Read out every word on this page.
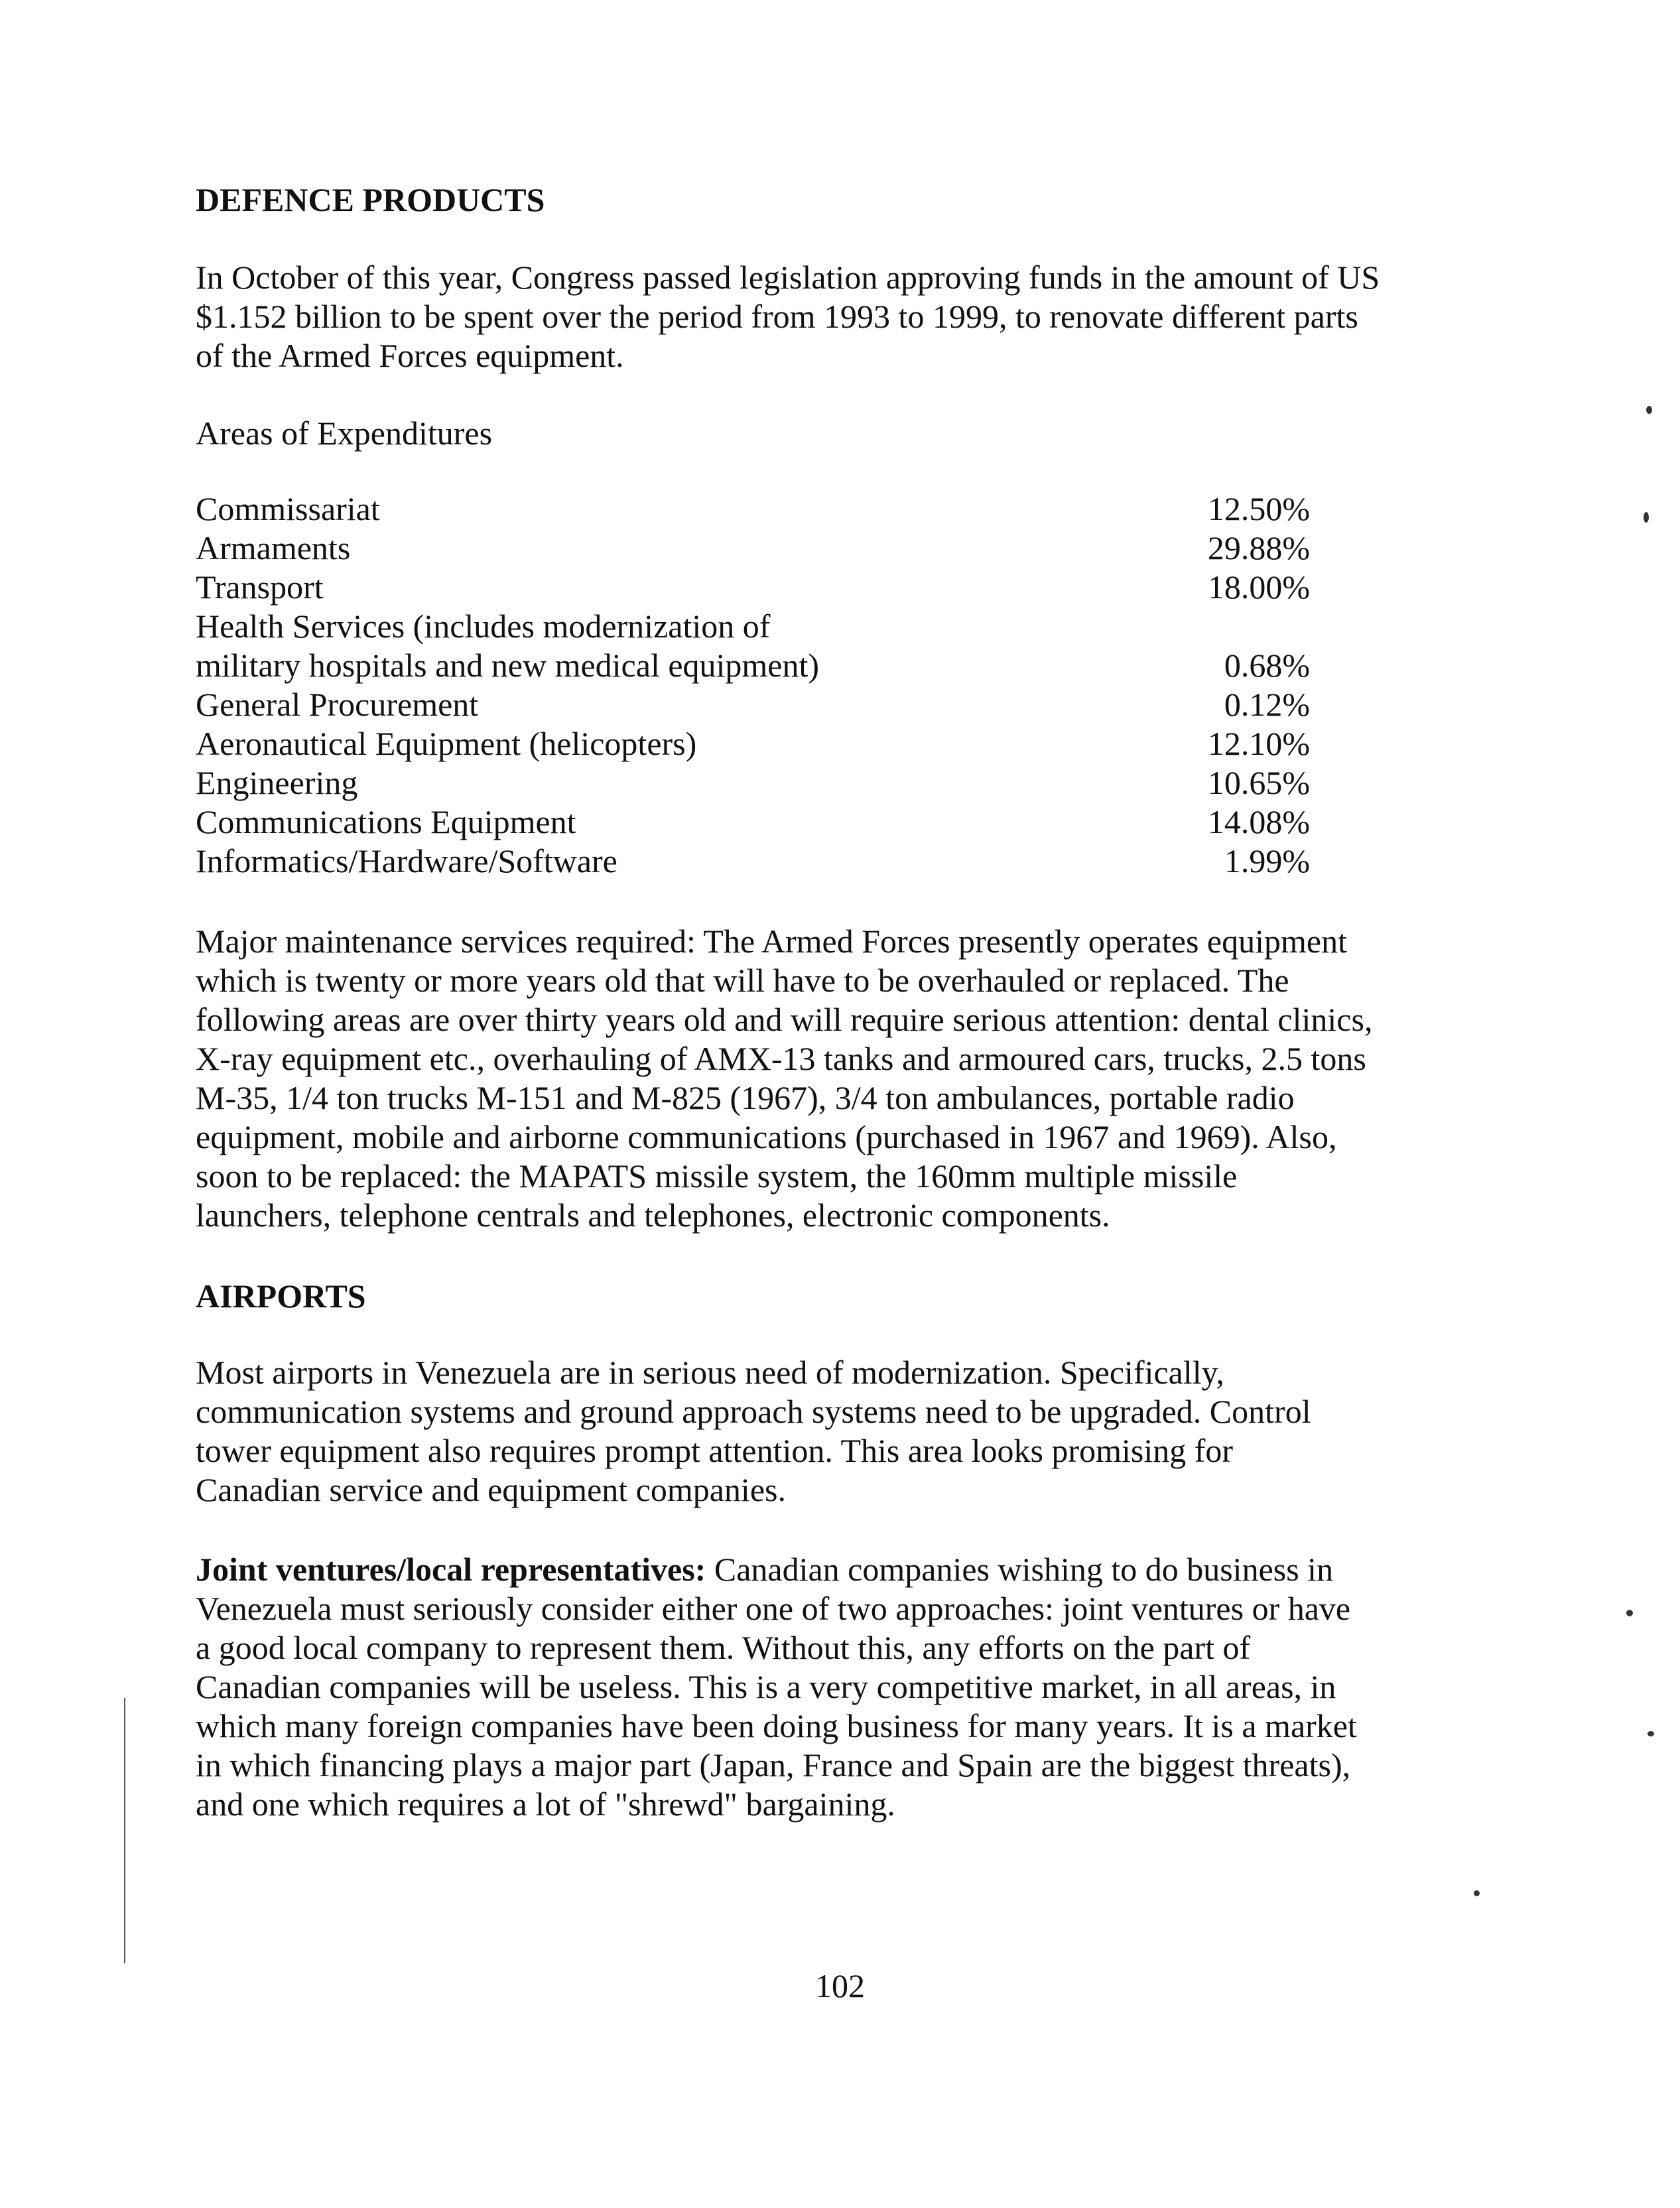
DEFENCE PRODUCTS

In October of this year, Congress passed legislation approving funds in the amount of US
$1.152 billion to be spent over the period from 1993 to 1999, to renovate different parts
of the Armed Forces equipment.

Areas of Expenditures

Commissariat	12.50%
Armaments	29.88%
Transport	18.00%
Health Services (includes modernization of
military hospitals and new medical equipment)	0.68%
General Procurement	0.12%
Aeronautical Equipment (helicopters)	12.10%
Engineering	10.65%
Communications Equipment	14.08%
Informatics/Hardware/Software	1.99%

Major maintenance services required: The Armed Forces presently operates equipment
which is twenty or more years old that will have to be overhauled or replaced. The
following areas are over thirty years old and will require serious attention: dental clinics,
X-ray equipment etc., overhauling of AMX-13 tanks and armoured cars, trucks, 2.5 tons
M-35, 1/4 ton trucks M-151 and M-825 (1967), 3/4 ton ambulances, portable radio
equipment, mobile and airborne communications (purchased in 1967 and 1969). Also,
soon to be replaced: the MAPATS missile system, the 160mm multiple missile
launchers, telephone centrals and telephones, electronic components.

AIRPORTS

Most airports in Venezuela are in serious need of modernization. Specifically,
communication systems and ground approach systems need to be upgraded. Control
tower equipment also requires prompt attention. This area looks promising for
Canadian service and equipment companies.

Joint ventures/local representatives: Canadian companies wishing to do business in
Venezuela must seriously consider either one of two approaches: joint ventures or have
a good local company to represent them. Without this, any efforts on the part of
Canadian companies will be useless. This is a very competitive market, in all areas, in
which many foreign companies have been doing business for many years. It is a market
in which financing plays a major part (Japan, France and Spain are the biggest threats),
and one which requires a lot of "shrewd" bargaining.

102
